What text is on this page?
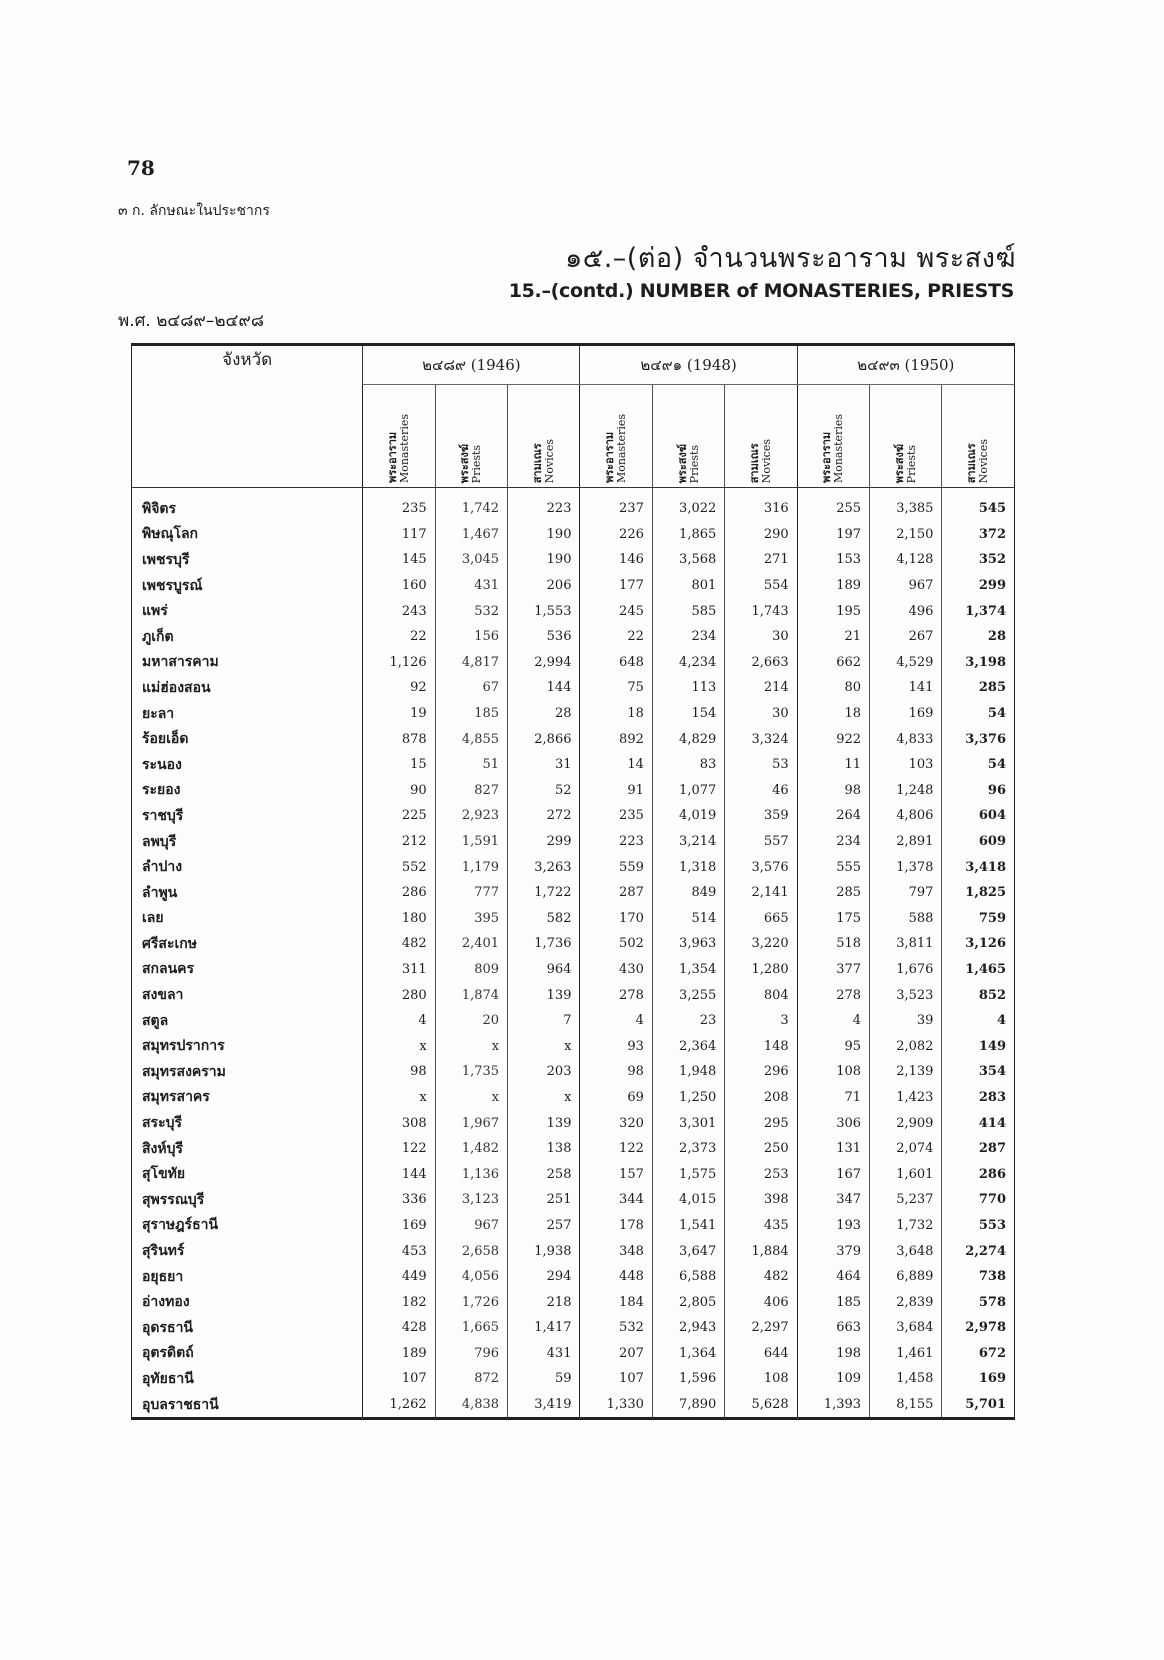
78
๓ ก. ลักษณะในประชากร
๑๕.–(ต่อ) จำนวนพระอาราม พระสงฆ์
15.–(contd.) NUMBER of MONASTERIES, PRIESTS
พ.ศ. ๒๔๘๙–๒๔๙๘
จังหวัด	๒๔๘๙ (1946)			๒๔๙๑ (1948)			๒๔๙๓ (1950)		

	พระอาราม Monasteries	พระสงฆ์ Priests	สามเณร Novices	พระอาราม Monasteries	พระสงฆ์ Priests	สามเณร Novices	พระอาราม Monasteries	พระสงฆ์ Priests	สามเณร Novices

พิจิตร	235	1,742	223	237	3,022	316	255	3,385	545
พิษณุโลก	117	1,467	190	226	1,865	290	197	2,150	372
เพชรบุรี	145	3,045	190	146	3,568	271	153	4,128	352
เพชรบูรณ์	160	431	206	177	801	554	189	967	299
แพร่	243	532	1,553	245	585	1,743	195	496	1,374
ภูเก็ต	22	156	536	22	234	30	21	267	28
มหาสารคาม	1,126	4,817	2,994	648	4,234	2,663	662	4,529	3,198
แม่ฮ่องสอน	92	67	144	75	113	214	80	141	285
ยะลา	19	185	28	18	154	30	18	169	54
ร้อยเอ็ด	878	4,855	2,866	892	4,829	3,324	922	4,833	3,376
ระนอง	15	51	31	14	83	53	11	103	54
ระยอง	90	827	52	91	1,077	46	98	1,248	96
ราชบุรี	225	2,923	272	235	4,019	359	264	4,806	604
ลพบุรี	212	1,591	299	223	3,214	557	234	2,891	609
ลำปาง	552	1,179	3,263	559	1,318	3,576	555	1,378	3,418
ลำพูน	286	777	1,722	287	849	2,141	285	797	1,825
เลย	180	395	582	170	514	665	175	588	759
ศรีสะเกษ	482	2,401	1,736	502	3,963	3,220	518	3,811	3,126
สกลนคร	311	809	964	430	1,354	1,280	377	1,676	1,465
สงขลา	280	1,874	139	278	3,255	804	278	3,523	852
สตูล	4	20	7	4	23	3	4	39	4
สมุทรปราการ	x	x	x	93	2,364	148	95	2,082	149
สมุทรสงคราม	98	1,735	203	98	1,948	296	108	2,139	354
สมุทรสาคร	x	x	x	69	1,250	208	71	1,423	283
สระบุรี	308	1,967	139	320	3,301	295	306	2,909	414
สิงห์บุรี	122	1,482	138	122	2,373	250	131	2,074	287
สุโขทัย	144	1,136	258	157	1,575	253	167	1,601	286
สุพรรณบุรี	336	3,123	251	344	4,015	398	347	5,237	770
สุราษฎร์ธานี	169	967	257	178	1,541	435	193	1,732	553
สุรินทร์	453	2,658	1,938	348	3,647	1,884	379	3,648	2,274
อยุธยา	449	4,056	294	448	6,588	482	464	6,889	738
อ่างทอง	182	1,726	218	184	2,805	406	185	2,839	578
อุดรธานี	428	1,665	1,417	532	2,943	2,297	663	3,684	2,978
อุตรดิตถ์	189	796	431	207	1,364	644	198	1,461	672
อุทัยธานี	107	872	59	107	1,596	108	109	1,458	169
อุบลราชธานี	1,262	4,838	3,419	1,330	7,890	5,628	1,393	8,155	5,701
